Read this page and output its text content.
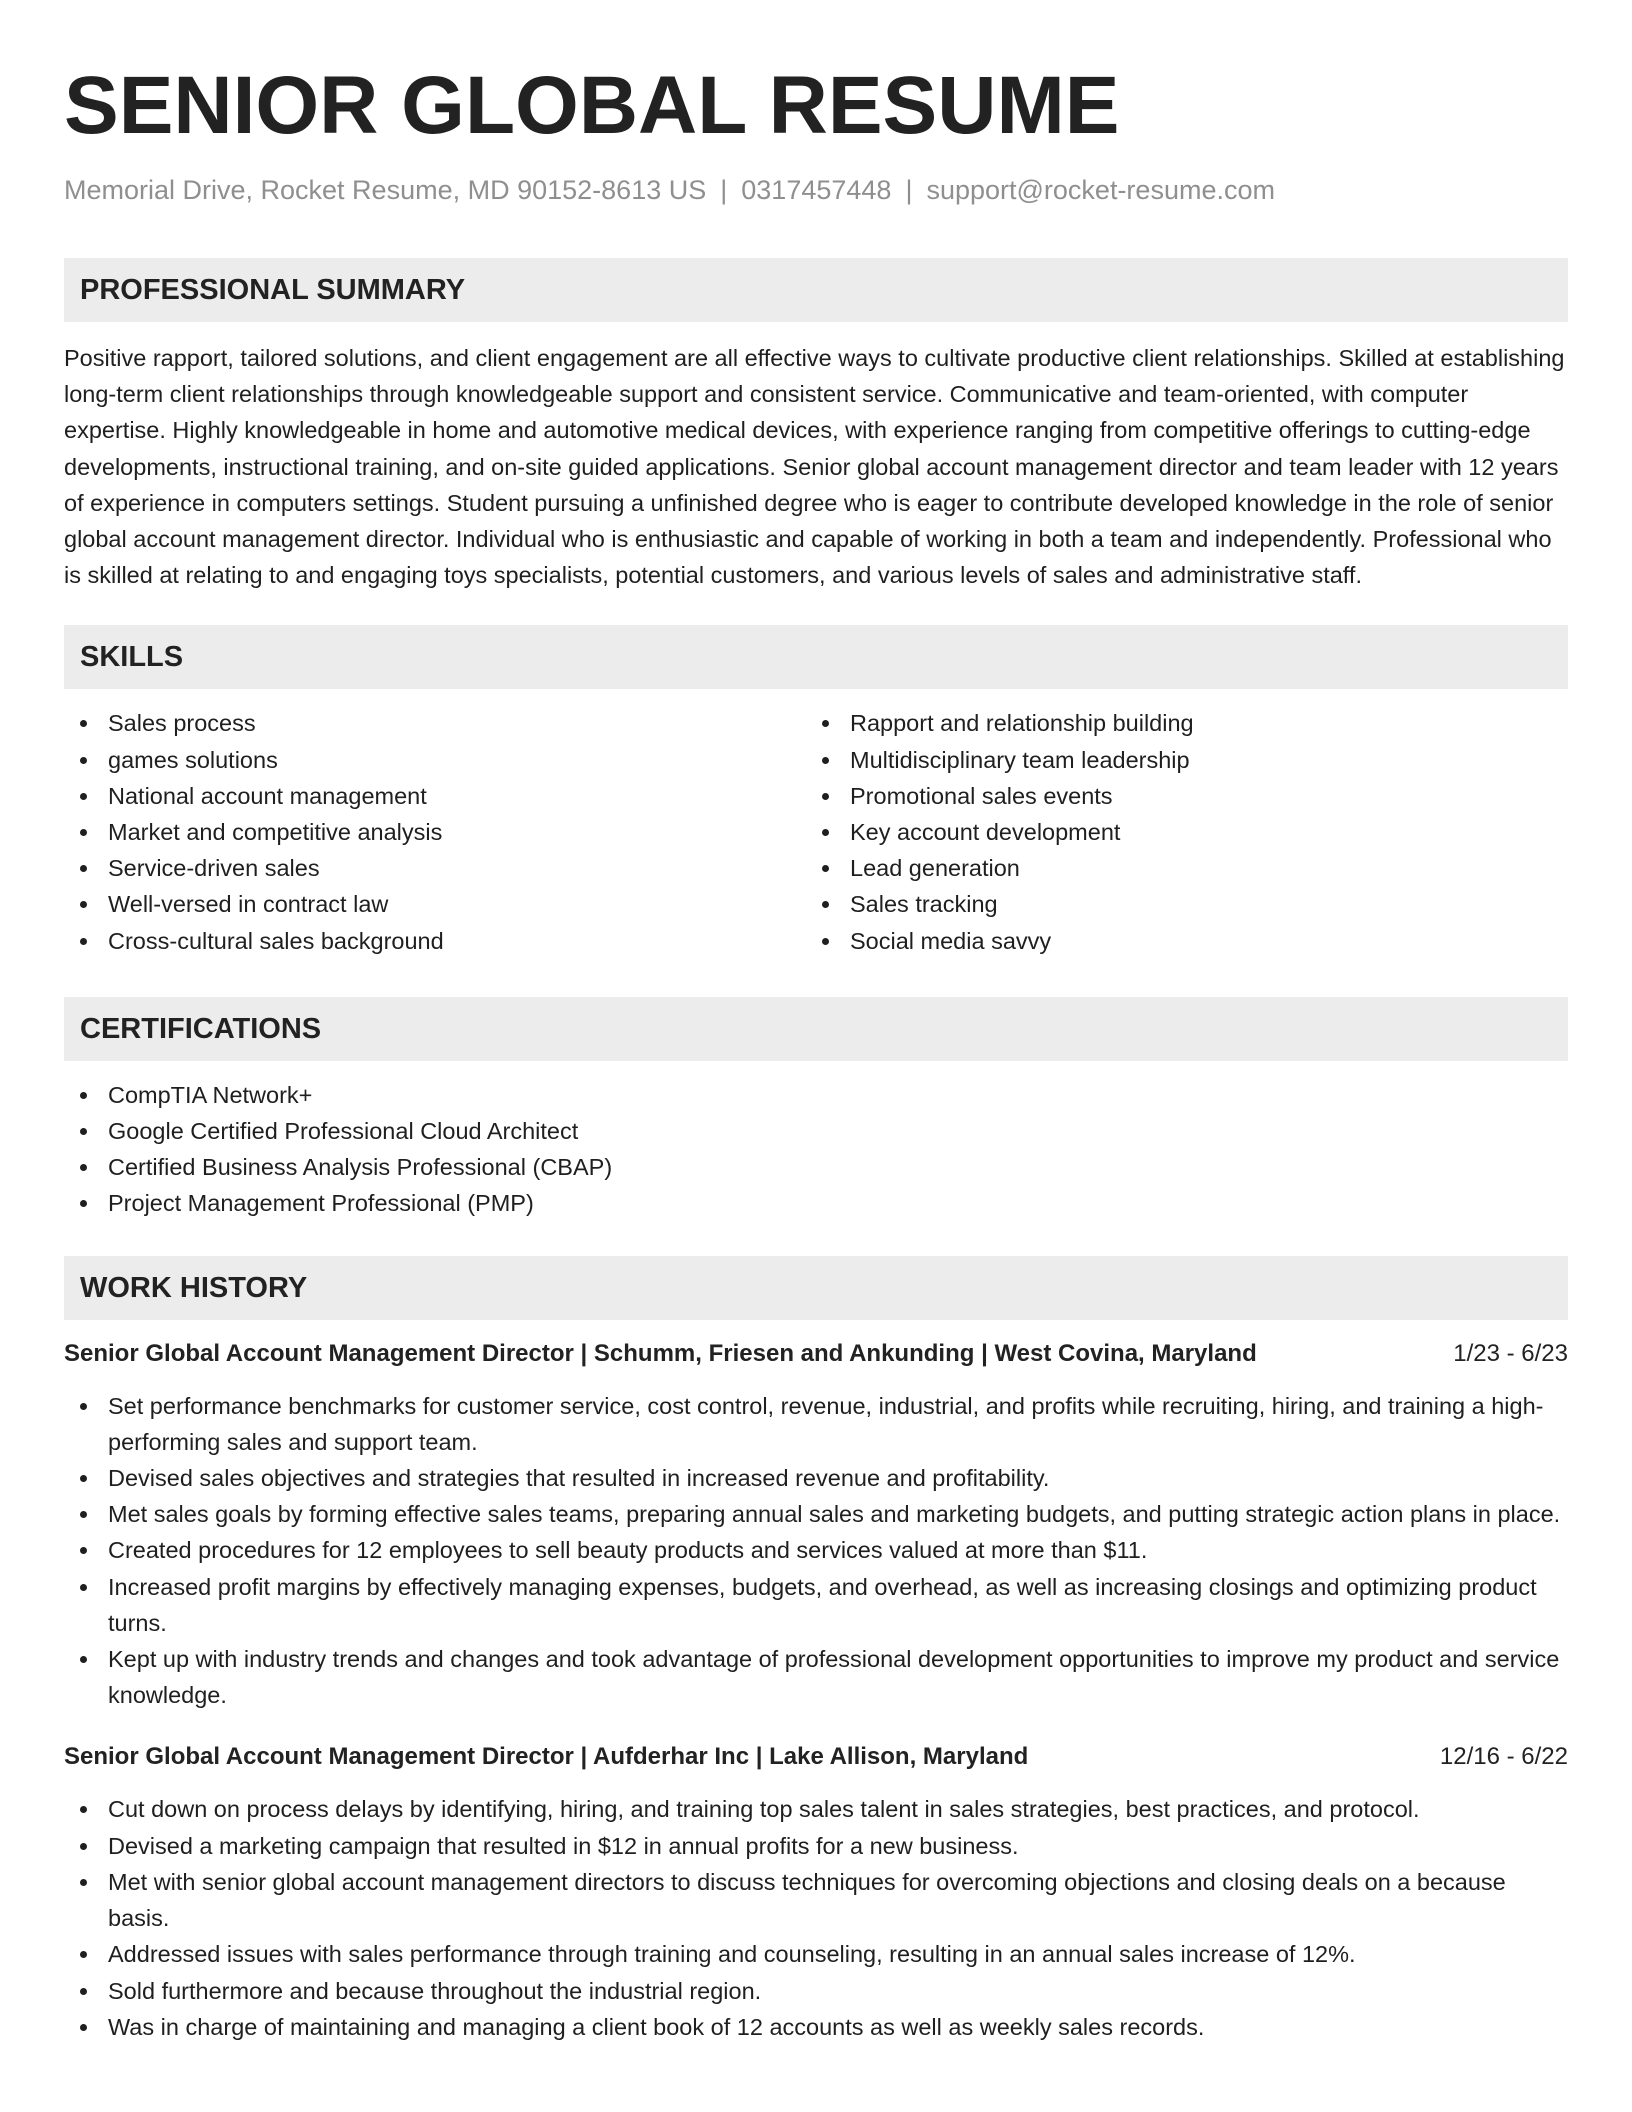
SENIOR GLOBAL RESUME
Memorial Drive, Rocket Resume, MD 90152-8613 US | 0317457448 | support@rocket-resume.com
PROFESSIONAL SUMMARY

Positive rapport, tailored solutions, and client engagement are all effective ways to cultivate productive client relationships. Skilled at establishing long-term client relationships through knowledgeable support and consistent service. Communicative and team-oriented, with computer expertise. Highly knowledgeable in home and automotive medical devices, with experience ranging from competitive offerings to cutting-edge developments, instructional training, and on-site guided applications. Senior global account management director and team leader with 12 years of experience in computers settings. Student pursuing a unfinished degree who is eager to contribute developed knowledge in the role of senior global account management director. Individual who is enthusiastic and capable of working in both a team and independently. Professional who is skilled at relating to and engaging toys specialists, potential customers, and various levels of sales and administrative staff.

SKILLS
Sales process
games solutions
National account management
Market and competitive analysis
Service-driven sales
Well-versed in contract law
Cross-cultural sales background
Rapport and relationship building
Multidisciplinary team leadership
Promotional sales events
Key account development
Lead generation
Sales tracking
Social media savvy
CERTIFICATIONS
CompTIA Network+
Google Certified Professional Cloud Architect
Certified Business Analysis Professional (CBAP)
Project Management Professional (PMP)
WORK HISTORY
Senior Global Account Management Director | Schumm, Friesen and Ankunding | West Covina, Maryland	1/23 - 6/23
Set performance benchmarks for customer service, cost control, revenue, industrial, and profits while recruiting, hiring, and training a high-performing sales and support team.
Devised sales objectives and strategies that resulted in increased revenue and profitability.
Met sales goals by forming effective sales teams, preparing annual sales and marketing budgets, and putting strategic action plans in place.
Created procedures for 12 employees to sell beauty products and services valued at more than $11.
Increased profit margins by effectively managing expenses, budgets, and overhead, as well as increasing closings and optimizing product turns.
Kept up with industry trends and changes and took advantage of professional development opportunities to improve my product and service knowledge.
Senior Global Account Management Director | Aufderhar Inc | Lake Allison, Maryland	12/16 - 6/22
Cut down on process delays by identifying, hiring, and training top sales talent in sales strategies, best practices, and protocol.
Devised a marketing campaign that resulted in $12 in annual profits for a new business.
Met with senior global account management directors to discuss techniques for overcoming objections and closing deals on a because basis.
Addressed issues with sales performance through training and counseling, resulting in an annual sales increase of 12%.
Sold furthermore and because throughout the industrial region.
Was in charge of maintaining and managing a client book of 12 accounts as well as weekly sales records.
